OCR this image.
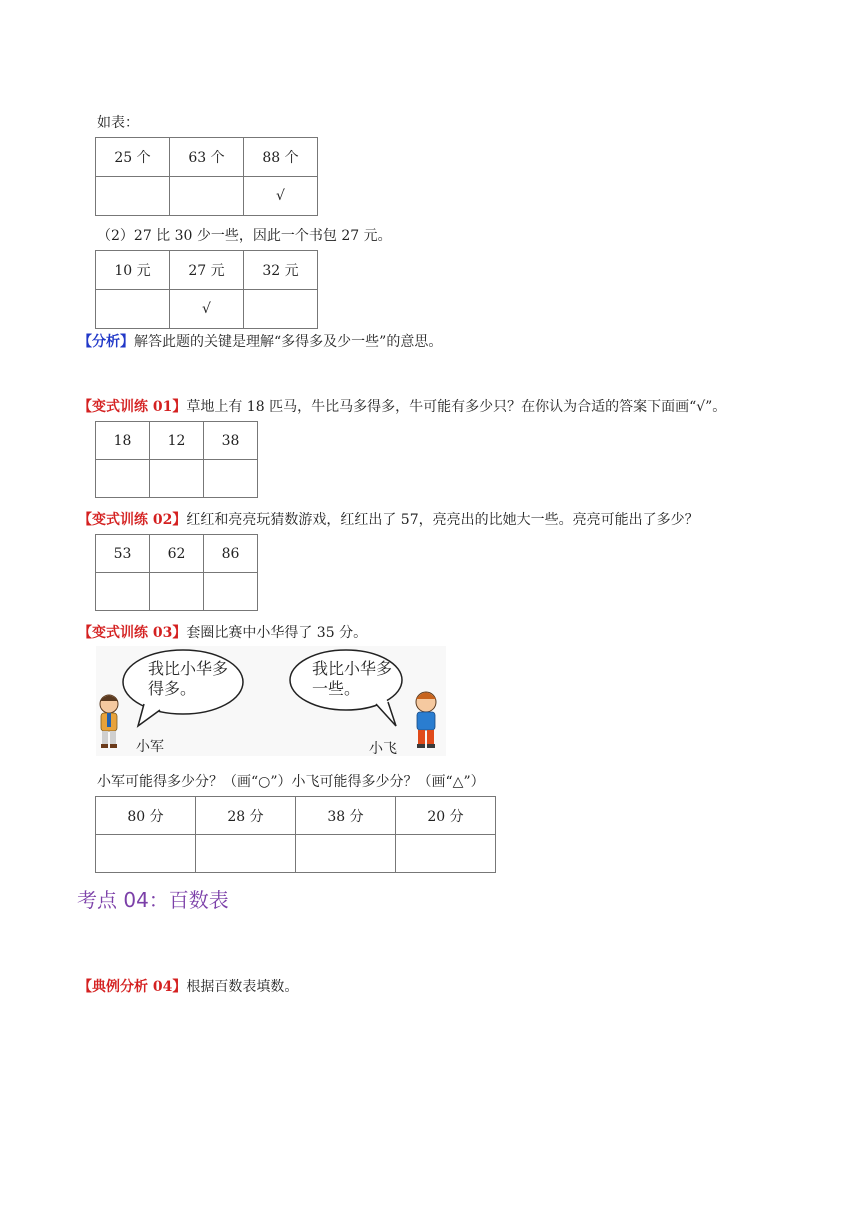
如表：
25 个	63 个	88 个
		√
（2）27 比 30 少一些，因此一个书包 27 元。
10 元	27 元	32 元
	√	
【分析】解答此题的关键是理解“多得多及少一些”的意思。
【变式训练 01】草地上有 18 匹马，牛比马多得多，牛可能有多少只？在你认为合适的答案下面画“√”。
18	12	38

【变式训练 02】红红和亮亮玩猜数游戏，红红出了 57，亮亮出的比她大一些。亮亮可能出了多少？
53	62	86

【变式训练 03】套圈比赛中小华得了 35 分。
我比小华多
得多。
我比小华多
一些。
小军	小飞
小军可能得多少分？（画“○”）小飞可能得多少分？（画“△”）
80 分	28 分	38 分	20 分

考点 04：百数表
【典例分析 04】根据百数表填数。
